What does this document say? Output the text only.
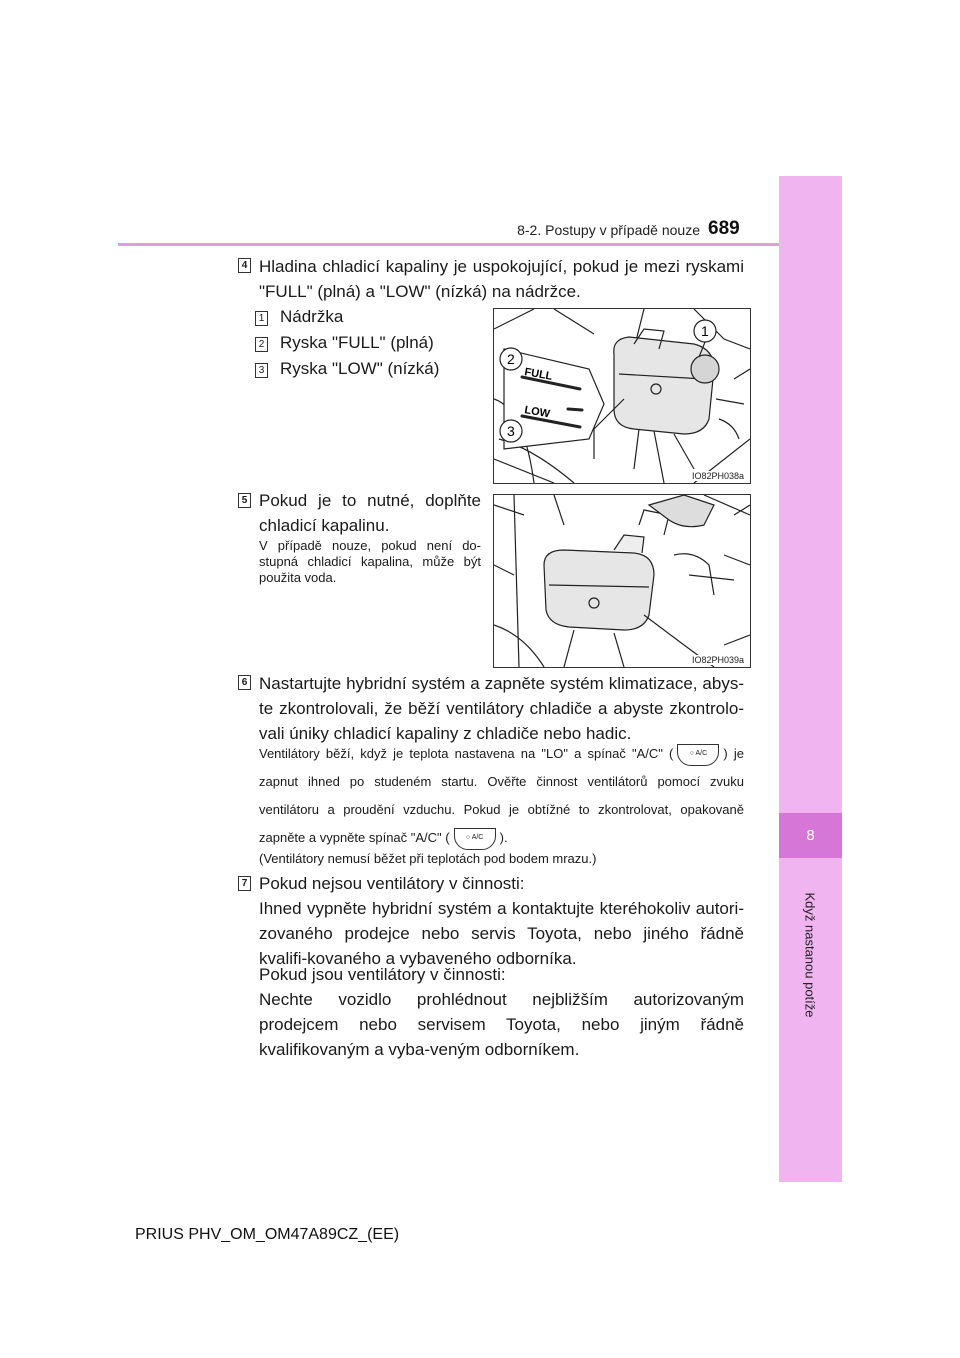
8
Když nastanou potíže
8-2. Postupy v případě nouze 689
4 Hladina chladicí kapaliny je uspokojující, pokud je mezi ryskami "FULL" (plná) a "LOW" (nízká) na nádržce.
1 Nádržka
2 Ryska "FULL" (plná)
3 Ryska "LOW" (nízká)	FULL
LOW
2
3
1
IO82PH038a
5 Pokud je to nutné, doplňte chladicí kapalinu.
V případě nouze, pokud není do-stupná chladicí kapalina, může být použita voda.
IO82PH039a
6 Nastartujte hybridní systém a zapněte systém klimatizace, abys-te zkontrolovali, že běží ventilátory chladiče a abyste zkontrolo-vali úniky chladicí kapaliny z chladiče nebo hadic.
Ventilátory běží, když je teplota nastavena na "LO" a spínač "A/C" ( ○ A/C ) je zapnut ihned po studeném startu. Ověřte činnost ventilátorů pomocí zvuku ventilátoru a proudění vzduchu. Pokud je obtížné to zkontrolovat, opakovaně zapněte a vypněte spínač "A/C" ( ○ A/C ).
(Ventilátory nemusí běžet při teplotách pod bodem mrazu.)
7 Pokud nejsou ventilátory v činnosti:
Ihned vypněte hybridní systém a kontaktujte kteréhokoliv autori-zovaného prodejce nebo servis Toyota, nebo jiného řádně kvalifi-kovaného a vybaveného odborníka.
Pokud jsou ventilátory v činnosti:
Nechte vozidlo prohlédnout nejbližším autorizovaným prodejcem nebo servisem Toyota, nebo jiným řádně kvalifikovaným a vyba-veným odborníkem.
PRIUS PHV_OM_OM47A89CZ_(EE)
